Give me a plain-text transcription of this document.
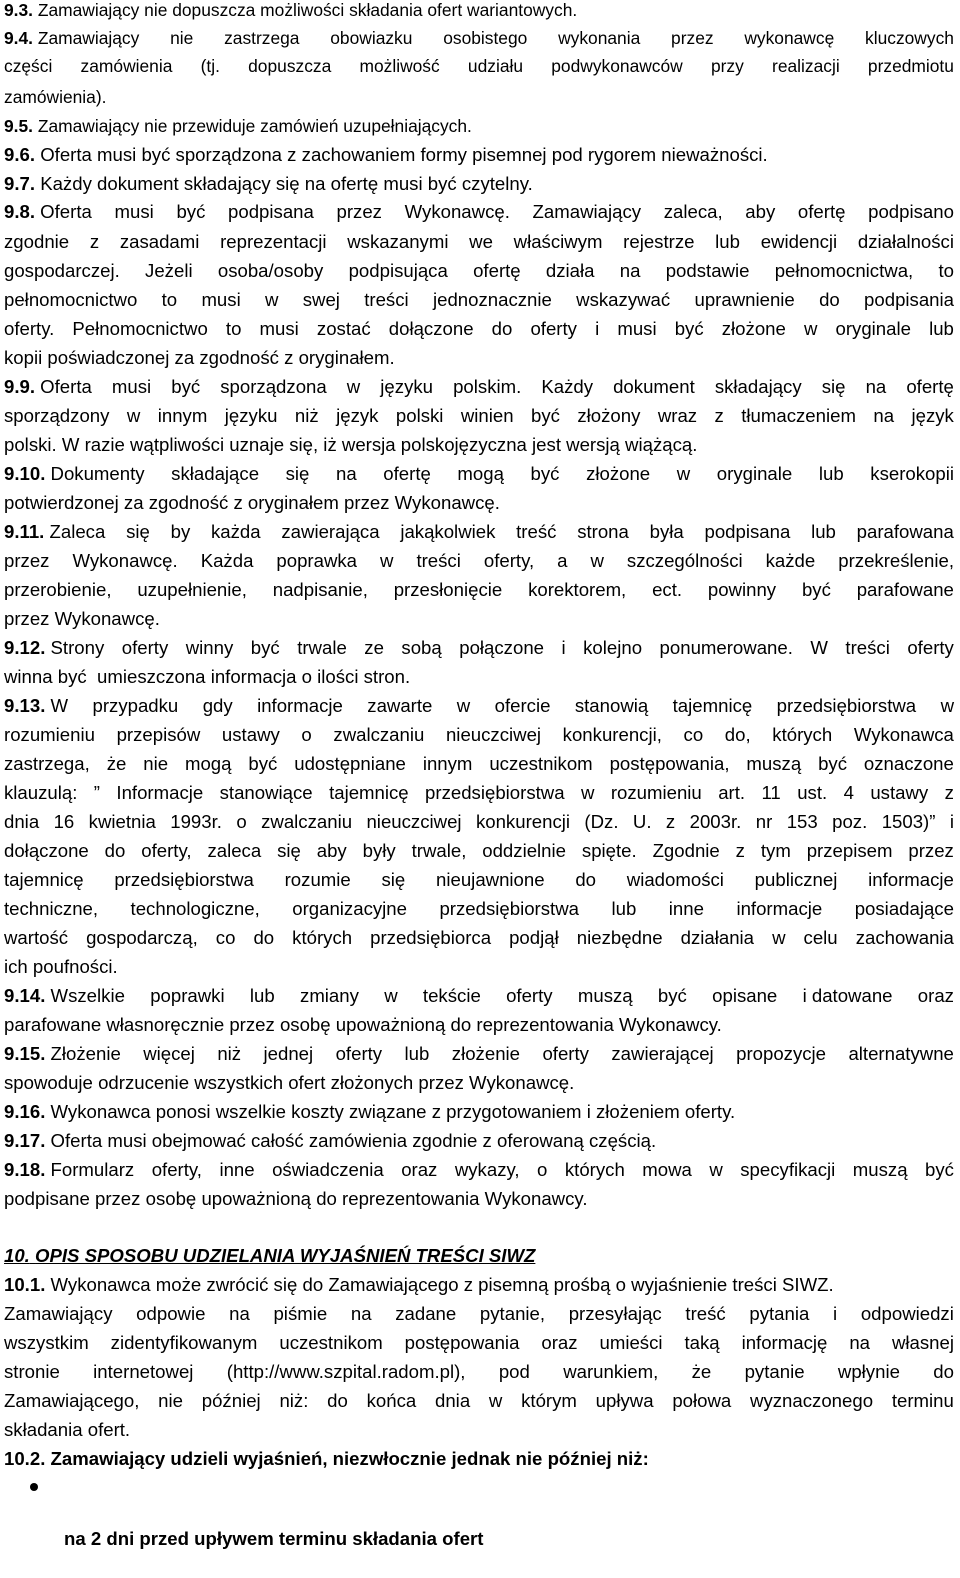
9.3. Zamawiający nie dopuszcza możliwości składania ofert wariantowych.
9.4. Zamawiający nie zastrzega obowiazku osobistego wykonania przez wykonawcę kluczowych
części zamówienia (tj. dopuszcza możliwość udziału podwykonawców przy realizacji przedmiotu
zamówienia).
9.5. Zamawiający nie przewiduje zamówień uzupełniających.
9.6. Oferta musi być sporządzona z zachowaniem formy pisemnej pod rygorem nieważności.
9.7. Każdy dokument składający się na ofertę musi być czytelny.
9.8. Oferta musi być podpisana przez Wykonawcę. Zamawiający zaleca, aby ofertę podpisano
zgodnie z zasadami reprezentacji wskazanymi we właściwym rejestrze lub ewidencji działalności
gospodarczej. Jeżeli osoba/osoby podpisująca ofertę działa na podstawie pełnomocnictwa, to
pełnomocnictwo to musi w swej treści jednoznacznie wskazywać uprawnienie do podpisania
oferty. Pełnomocnictwo to musi zostać dołączone do oferty i musi być złożone w oryginale lub
kopii poświadczonej za zgodność z oryginałem.
9.9. Oferta musi być sporządzona w języku polskim. Każdy dokument składający się na ofertę
sporządzony w innym języku niż język polski winien być złożony wraz z tłumaczeniem na język
polski. W razie wątpliwości uznaje się, iż wersja polskojęzyczna jest wersją wiążącą.
9.10. Dokumenty składające się na ofertę mogą być złożone w oryginale lub kserokopii
potwierdzonej za zgodność z oryginałem przez Wykonawcę.
9.11. Zaleca się by każda zawierająca jakąkolwiek treść strona była podpisana lub parafowana
przez Wykonawcę. Każda poprawka w treści oferty, a w szczególności każde przekreślenie,
przerobienie, uzupełnienie, nadpisanie, przesłonięcie korektorem, ect. powinny być parafowane
przez Wykonawcę.
9.12. Strony oferty winny być trwale ze sobą połączone i kolejno ponumerowane. W treści oferty
winna być  umieszczona informacja o ilości stron.
9.13. W przypadku gdy informacje zawarte w ofercie stanowią tajemnicę przedsiębiorstwa w
rozumieniu przepisów ustawy o zwalczaniu nieuczciwej konkurencji, co do, których Wykonawca
zastrzega, że nie mogą być udostępniane innym uczestnikom postępowania, muszą być oznaczone
klauzulą: ” Informacje stanowiące tajemnicę przedsiębiorstwa w rozumieniu art. 11 ust. 4 ustawy z
dnia 16 kwietnia 1993r. o zwalczaniu nieuczciwej konkurencji (Dz. U. z 2003r. nr 153 poz. 1503)” i
dołączone do oferty, zaleca się aby były trwale, oddzielnie spięte. Zgodnie z tym przepisem przez
tajemnicę przedsiębiorstwa rozumie się nieujawnione do wiadomości publicznej informacje
techniczne, technologiczne, organizacyjne przedsiębiorstwa lub inne informacje posiadające
wartość gospodarczą, co do których przedsiębiorca podjął niezbędne działania w celu zachowania
ich poufności.
9.14. Wszelkie poprawki lub zmiany w tekście oferty muszą być opisane i datowane oraz
parafowane własnoręcznie przez osobę upoważnioną do reprezentowania Wykonawcy.
9.15. Złożenie więcej niż jednej oferty lub złożenie oferty zawierającej propozycje alternatywne
spowoduje odrzucenie wszystkich ofert złożonych przez Wykonawcę.
9.16. Wykonawca ponosi wszelkie koszty związane z przygotowaniem i złożeniem oferty.
9.17. Oferta musi obejmować całość zamówienia zgodnie z oferowaną częścią.
9.18. Formularz oferty, inne oświadczenia oraz wykazy, o których mowa w specyfikacji muszą być
podpisane przez osobę upoważnioną do reprezentowania Wykonawcy.
10. OPIS SPOSOBU UDZIELANIA WYJAŚNIEŃ TREŚCI SIWZ
10.1. Wykonawca może zwrócić się do Zamawiającego z pisemną prośbą o wyjaśnienie treści SIWZ.
Zamawiający odpowie na piśmie na zadane pytanie, przesyłając treść pytania i odpowiedzi
wszystkim zidentyfikowanym uczestnikom postępowania oraz umieści taką informację na własnej
stronie internetowej (http://www.szpital.radom.pl), pod warunkiem, że pytanie wpłynie do
Zamawiającego, nie później niż: do końca dnia w którym upływa połowa wyznaczonego terminu
składania ofert.
10.2. Zamawiający udzieli wyjaśnień, niezwłocznie jednak nie później niż:

na 2 dni przed upływem terminu składania ofert
